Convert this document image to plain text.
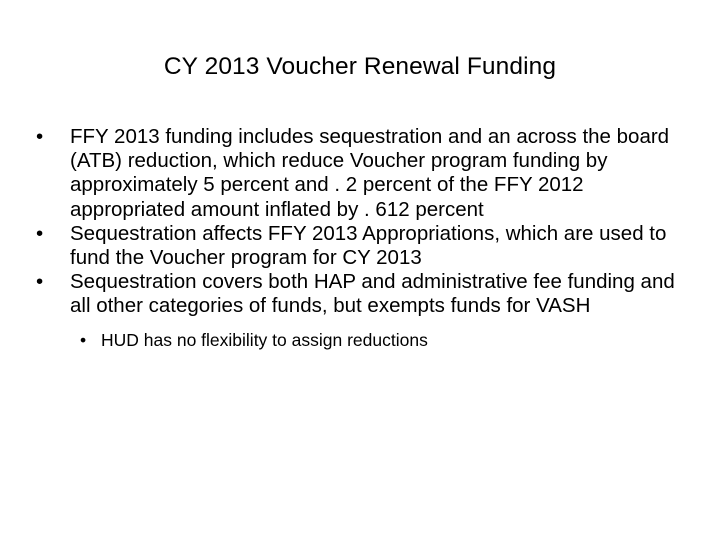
CY 2013 Voucher Renewal Funding
•	FFY 2013 funding includes sequestration and an across the board (ATB) reduction, which reduce Voucher program funding by approximately 5 percent and . 2 percent of the FFY 2012 appropriated amount inflated by . 612 percent
•	Sequestration affects FFY 2013 Appropriations, which are used to fund the Voucher program for CY 2013
•	Sequestration covers both HAP and administrative fee funding and all other categories of funds, but exempts funds for VASH
• HUD has no flexibility to assign reductions
